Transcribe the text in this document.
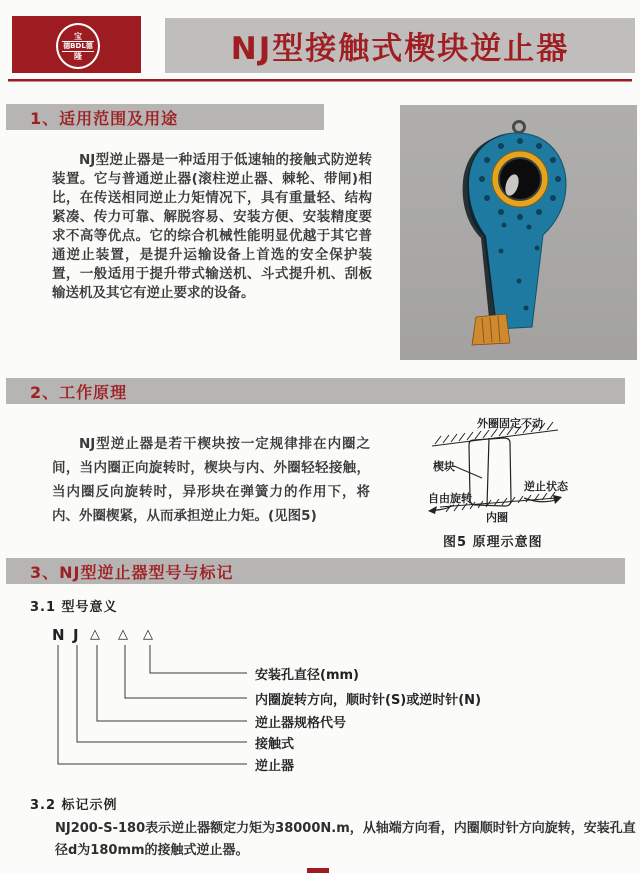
宝
德BDL德
隆	NJ型接触式楔块逆止器
1、适用范围及用途
NJ型逆止器是一种适用于低速轴的接触式防逆转装置。它与普通逆止器(滚柱逆止器、棘轮、带闸)相比，在传送相同逆止力矩情况下，具有重量轻、结构紧凑、传力可靠、解脱容易、安装方便、安装精度要求不高等优点。它的综合机械性能明显优越于其它普通逆止装置，是提升运输设备上首选的安全保护装置，一般适用于提升带式输送机、斗式提升机、刮板输送机及其它有逆止要求的设备。
2、工作原理
NJ型逆止器是若干楔块按一定规律排在内圈之间，当内圈正向旋转时，楔块与内、外圈轻轻接触，当内圈反向旋转时，异形块在弹簧力的作用下，将内、外圈楔紧，从而承担逆止力矩。(见图5)
外圈固定不动
楔块
自由旋转
逆止状态
内圈
图5 原理示意图
3、NJ型逆止器型号与标记
3.1 型号意义
N J △ △ △
安装孔直径(mm)
内圈旋转方向，顺时针(S)或逆时针(N)
逆止器规格代号
接触式
逆止器
3.2 标记示例
NJ200-S-180表示逆止器额定力矩为38000N.m，从轴端方向看，内圈顺时针方向旋转，安装孔直径d为180mm的接触式逆止器。
